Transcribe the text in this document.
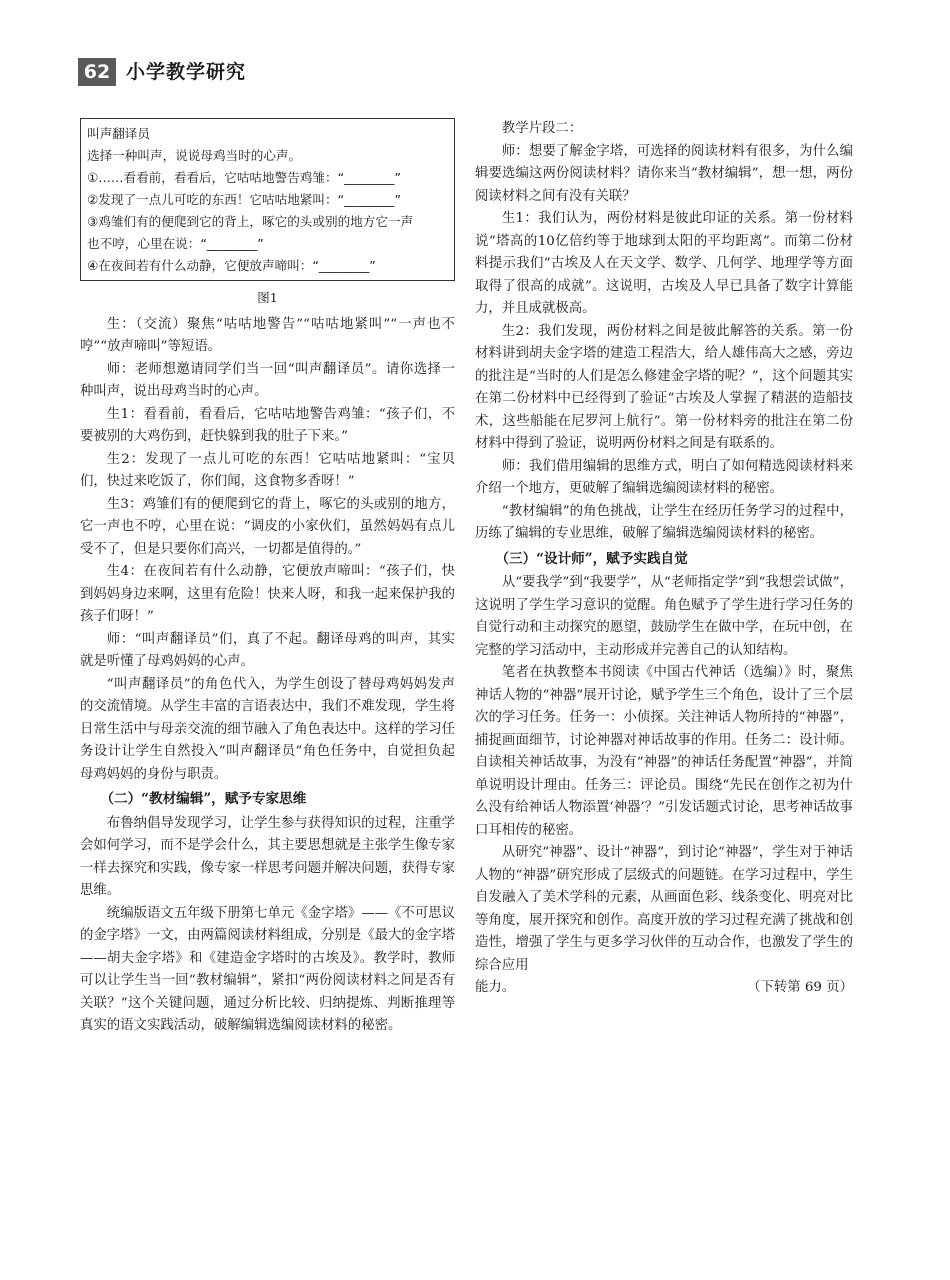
62 小学教学研究
叫声翻译员
选择一种叫声，说说母鸡当时的心声。
①……看看前，看看后，它咕咕地警告鸡雏：“________”
②发现了一点儿可吃的东西！它咕咕地紧叫：“________”
③鸡雏们有的便爬到它的背上，啄它的头或别的地方它一声
也不哼，心里在说：“________”
④在夜间若有什么动静，它便放声啼叫：“________”
图1

生：（交流）聚焦“咕咕地警告”“咕咕地紧叫”“一声也不哼”“放声啼叫”等短语。

师：老师想邀请同学们当一回“叫声翻译员”。请你选择一种叫声，说出母鸡当时的心声。

生1：看看前，看看后，它咕咕地警告鸡雏：“孩子们，不要被别的大鸡伤到，赶快躲到我的肚子下来。”

生2：发现了一点儿可吃的东西！它咕咕地紧叫：“宝贝们，快过来吃饭了，你们闻，这食物多香呀！”

生3：鸡雏们有的便爬到它的背上，啄它的头或别的地方，它一声也不哼，心里在说：“调皮的小家伙们，虽然妈妈有点儿受不了，但是只要你们高兴，一切都是值得的。”

生4：在夜间若有什么动静，它便放声啼叫：“孩子们，快到妈妈身边来啊，这里有危险！快来人呀，和我一起来保护我的孩子们呀！”

师：“叫声翻译员”们，真了不起。翻译母鸡的叫声，其实就是听懂了母鸡妈妈的心声。

“叫声翻译员”的角色代入，为学生创设了替母鸡妈妈发声的交流情境。从学生丰富的言语表达中，我们不难发现，学生将日常生活中与母亲交流的细节融入了角色表达中。这样的学习任务设计让学生自然投入“叫声翻译员”角色任务中，自觉担负起母鸡妈妈的身份与职责。

（二）“教材编辑”，赋予专家思维

布鲁纳倡导发现学习，让学生参与获得知识的过程，注重学会如何学习，而不是学会什么，其主要思想就是主张学生像专家一样去探究和实践，像专家一样思考问题并解决问题，获得专家思维。

统编版语文五年级下册第七单元《金字塔》——《不可思议的金字塔》一文，由两篇阅读材料组成，分别是《最大的金字塔——胡夫金字塔》和《建造金字塔时的古埃及》。教学时，教师可以让学生当一回“教材编辑”，紧扣“两份阅读材料之间是否有关联？”这个关键问题，通过分析比较、归纳提炼、判断推理等真实的语文实践活动，破解编辑选编阅读材料的秘密。

教学片段二：

师：想要了解金字塔，可选择的阅读材料有很多，为什么编辑要选编这两份阅读材料？请你来当“教材编辑”，想一想，两份阅读材料之间有没有关联？

生1：我们认为，两份材料是彼此印证的关系。第一份材料说“塔高的10亿倍约等于地球到太阳的平均距离”。而第二份材料提示我们“古埃及人在天文学、数学、几何学、地理学等方面取得了很高的成就”。这说明，古埃及人早已具备了数字计算能力，并且成就极高。

生2：我们发现，两份材料之间是彼此解答的关系。第一份材料讲到胡夫金字塔的建造工程浩大，给人雄伟高大之感，旁边的批注是“当时的人们是怎么修建金字塔的呢？”，这个问题其实在第二份材料中已经得到了验证“古埃及人掌握了精湛的造船技术，这些船能在尼罗河上航行”。第一份材料旁的批注在第二份材料中得到了验证，说明两份材料之间是有联系的。

师：我们借用编辑的思维方式，明白了如何精选阅读材料来介绍一个地方，更破解了编辑选编阅读材料的秘密。

“教材编辑”的角色挑战，让学生在经历任务学习的过程中，历练了编辑的专业思维，破解了编辑选编阅读材料的秘密。

（三）“设计师”，赋予实践自觉

从“要我学”到“我要学”，从“老师指定学”到“我想尝试做”，这说明了学生学习意识的觉醒。角色赋予了学生进行学习任务的自觉行动和主动探究的愿望，鼓励学生在做中学，在玩中创，在完整的学习活动中，主动形成并完善自己的认知结构。

笔者在执教整本书阅读《中国古代神话（选编）》时，聚焦神话人物的“神器”展开讨论，赋予学生三个角色，设计了三个层次的学习任务。任务一：小侦探。关注神话人物所持的“神器”，捕捉画面细节，讨论神器对神话故事的作用。任务二：设计师。自读相关神话故事，为没有“神器”的神话任务配置“神器”，并简单说明设计理由。任务三：评论员。围绕“先民在创作之初为什么没有给神话人物添置‘神器’？”引发话题式讨论，思考神话故事口耳相传的秘密。

从研究“神器”、设计“神器”，到讨论“神器”，学生对于神话人物的“神器”研究形成了层级式的问题链。在学习过程中，学生自发融入了美术学科的元素，从画面色彩、线条变化、明亮对比等角度，展开探究和创作。高度开放的学习过程充满了挑战和创造性，增强了学生与更多学习伙伴的互动合作，也激发了学生的综合应用

能力。	（下转第 69 页）
